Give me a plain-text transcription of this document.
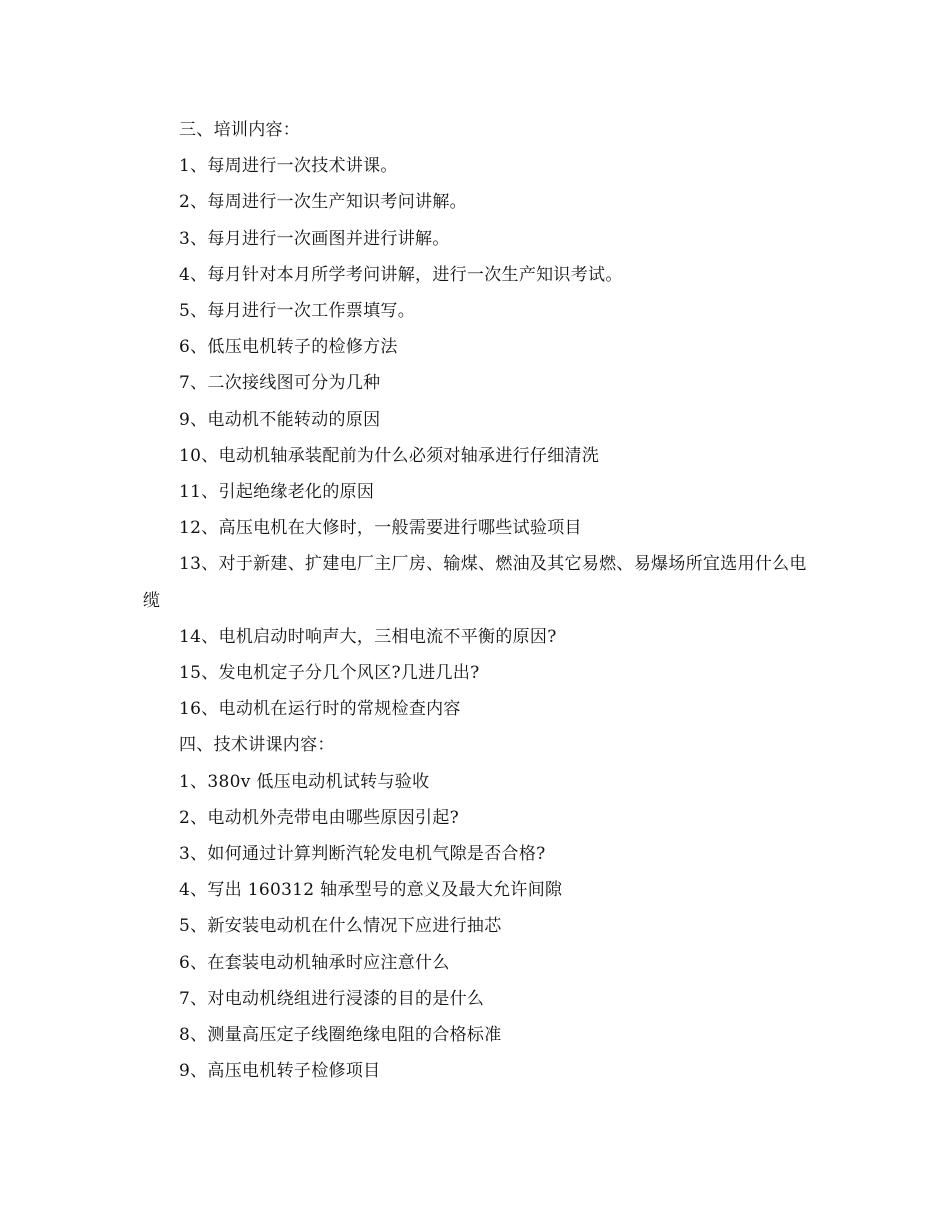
三、培训内容：

1、每周进行一次技术讲课。

2、每周进行一次生产知识考问讲解。

3、每月进行一次画图并进行讲解。

4、每月针对本月所学考问讲解，进行一次生产知识考试。

5、每月进行一次工作票填写。

6、低压电机转子的检修方法

7、二次接线图可分为几种

9、电动机不能转动的原因

10、电动机轴承装配前为什么必须对轴承进行仔细清洗

11、引起绝缘老化的原因

12、高压电机在大修时，一般需要进行哪些试验项目

13、对于新建、扩建电厂主厂房、输煤、燃油及其它易燃、易爆场所宜选用什么电缆

14、电机启动时响声大，三相电流不平衡的原因?

15、发电机定子分几个风区?几进几出?

16、电动机在运行时的常规检查内容

四、技术讲课内容：

1、380v 低压电动机试转与验收

2、电动机外壳带电由哪些原因引起?

3、如何通过计算判断汽轮发电机气隙是否合格?

4、写出 160312 轴承型号的意义及最大允许间隙

5、新安装电动机在什么情况下应进行抽芯

6、在套装电动机轴承时应注意什么

7、对电动机绕组进行浸漆的目的是什么

8、测量高压定子线圈绝缘电阻的合格标准

9、高压电机转子检修项目
